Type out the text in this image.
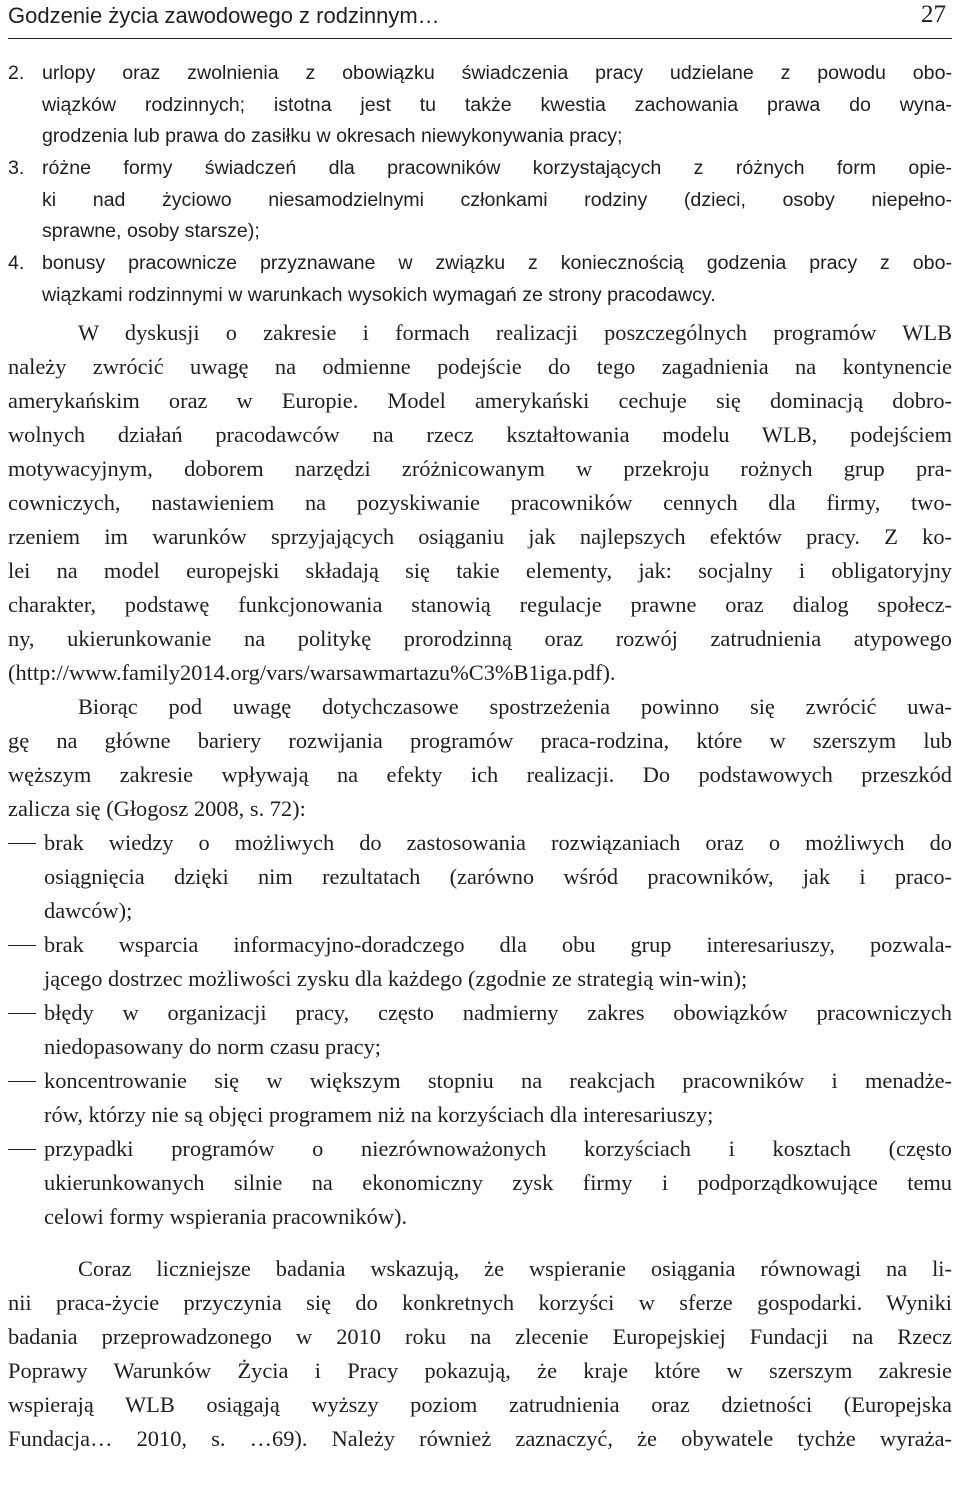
Godzenie życia zawodowego z rodzinnym…	27
2. urlopy oraz zwolnienia z obowiązku świadczenia pracy udzielane z powodu obo-
wiązków rodzinnych; istotna jest tu także kwestia zachowania prawa do wyna-
grodzenia lub prawa do zasiłku w okresach niewykonywania pracy;
3. różne formy świadczeń dla pracowników korzystających z różnych form opie-
ki nad życiowo niesamodzielnymi członkami rodziny (dzieci, osoby niepełno-
sprawne, osoby starsze);
4. bonusy pracownicze przyznawane w związku z koniecznością godzenia pracy z obo-
wiązkami rodzinnymi w warunkach wysokich wymagań ze strony pracodawcy.
W dyskusji o zakresie i formach realizacji poszczególnych programów WLB
należy zwrócić uwagę na odmienne podejście do tego zagadnienia na kontynencie
amerykańskim oraz w Europie. Model amerykański cechuje się dominacją dobro-
wolnych działań pracodawców na rzecz kształtowania modelu WLB, podejściem
motywacyjnym, doborem narzędzi zróżnicowanym w przekroju rożnych grup pra-
cowniczych, nastawieniem na pozyskiwanie pracowników cennych dla firmy, two-
rzeniem im warunków sprzyjających osiąganiu jak najlepszych efektów pracy. Z ko-
lei na model europejski składają się takie elementy, jak: socjalny i obligatoryjny
charakter, podstawę funkcjonowania stanowią regulacje prawne oraz dialog społecz-
ny, ukierunkowanie na politykę prorodzinną oraz rozwój zatrudnienia atypowego
(http://www.family2014.org/vars/warsawmartazu%C3%B1iga.pdf).
Biorąc pod uwagę dotychczasowe spostrzeżenia powinno się zwrócić uwa-
gę na główne bariery rozwijania programów praca-rodzina, które w szerszym lub
węższym zakresie wpływają na efekty ich realizacji. Do podstawowych przeszkód
zalicza się (Głogosz 2008, s. 72):
brak wiedzy o możliwych do zastosowania rozwiązaniach oraz o możliwych do
osiągnięcia dzięki nim rezultatach (zarówno wśród pracowników, jak i praco-
dawców);
brak wsparcia informacyjno-doradczego dla obu grup interesariuszy, pozwala-
jącego dostrzec możliwości zysku dla każdego (zgodnie ze strategią win-win);
błędy w organizacji pracy, często nadmierny zakres obowiązków pracowniczych
niedopasowany do norm czasu pracy;
koncentrowanie się w większym stopniu na reakcjach pracowników i menadże-
rów, którzy nie są objęci programem niż na korzyściach dla interesariuszy;
przypadki programów o niezrównoważonych korzyściach i kosztach (często
ukierunkowanych silnie na ekonomiczny zysk firmy i podporządkowujące temu
celowi formy wspierania pracowników).
Coraz liczniejsze badania wskazują, że wspieranie osiągania równowagi na li-
nii praca-życie przyczynia się do konkretnych korzyści w sferze gospodarki. Wyniki
badania przeprowadzonego w 2010 roku na zlecenie Europejskiej Fundacji na Rzecz
Poprawy Warunków Życia i Pracy pokazują, że kraje które w szerszym zakresie
wspierają WLB osiągają wyższy poziom zatrudnienia oraz dzietności (Europejska
Fundacja… 2010, s. …69). Należy również zaznaczyć, że obywatele tychże wyraża-
